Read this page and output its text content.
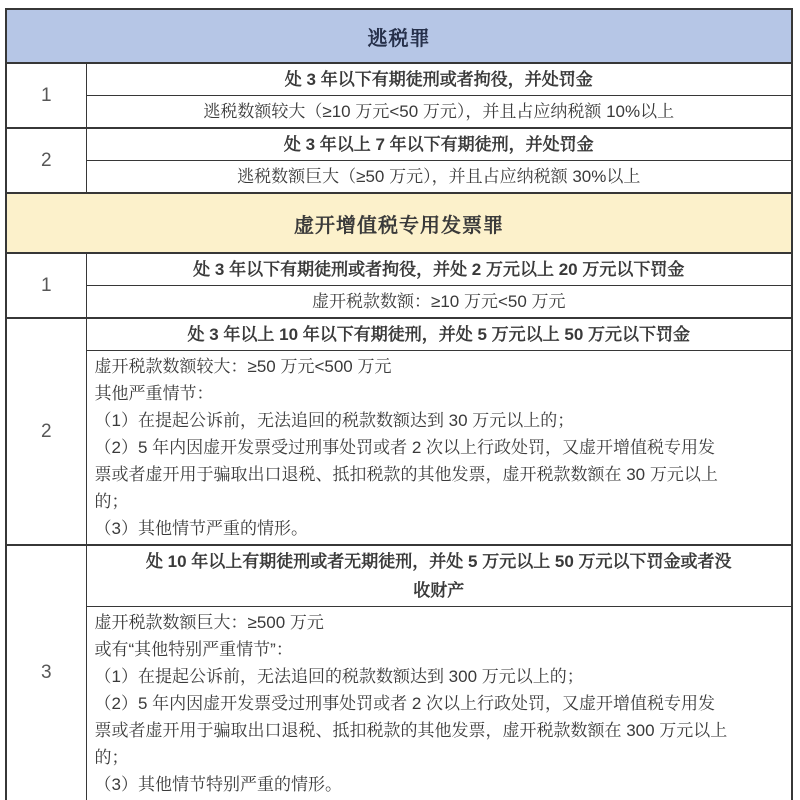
逃税罪	
1	处 3 年以下有期徒刑或者拘役，并处罚金

	逃税数额较大（≥10 万元<50 万元），并且占应纳税额 10%以上

2	处 3 年以上 7 年以下有期徒刑，并处罚金

	逃税数额巨大（≥50 万元），并且占应纳税额 30%以上

虚开增值税专用发票罪	
1	处 3 年以下有期徒刑或者拘役，并处 2 万元以上 20 万元以下罚金

	虚开税款数额：≥10 万元<50 万元

2	处 3 年以上 10 年以下有期徒刑，并处 5 万元以上 50 万元以下罚金

虚开税款数额较大：≥50 万元<500 万元
其他严重情节：
（1）在提起公诉前，无法追回的税款数额达到 30 万元以上的；
（2）5 年内因虚开发票受过刑事处罚或者 2 次以上行政处罚，又虚开增值税专用发
票或者虚开用于骗取出口退税、抵扣税款的其他发票，虚开税款数额在 30 万元以上
的；
（3）其他情节严重的情形。

3	处 10 年以上有期徒刑或者无期徒刑，并处 5 万元以上 50 万元以下罚金或者没
收财产

虚开税款数额巨大：≥500 万元
或有“其他特别严重情节”：
（1）在提起公诉前，无法追回的税款数额达到 300 万元以上的；
（2）5 年内因虚开发票受过刑事处罚或者 2 次以上行政处罚，又虚开增值税专用发
票或者虚开用于骗取出口退税、抵扣税款的其他发票，虚开税款数额在 300 万元以上
的；
（3）其他情节特别严重的情形。
